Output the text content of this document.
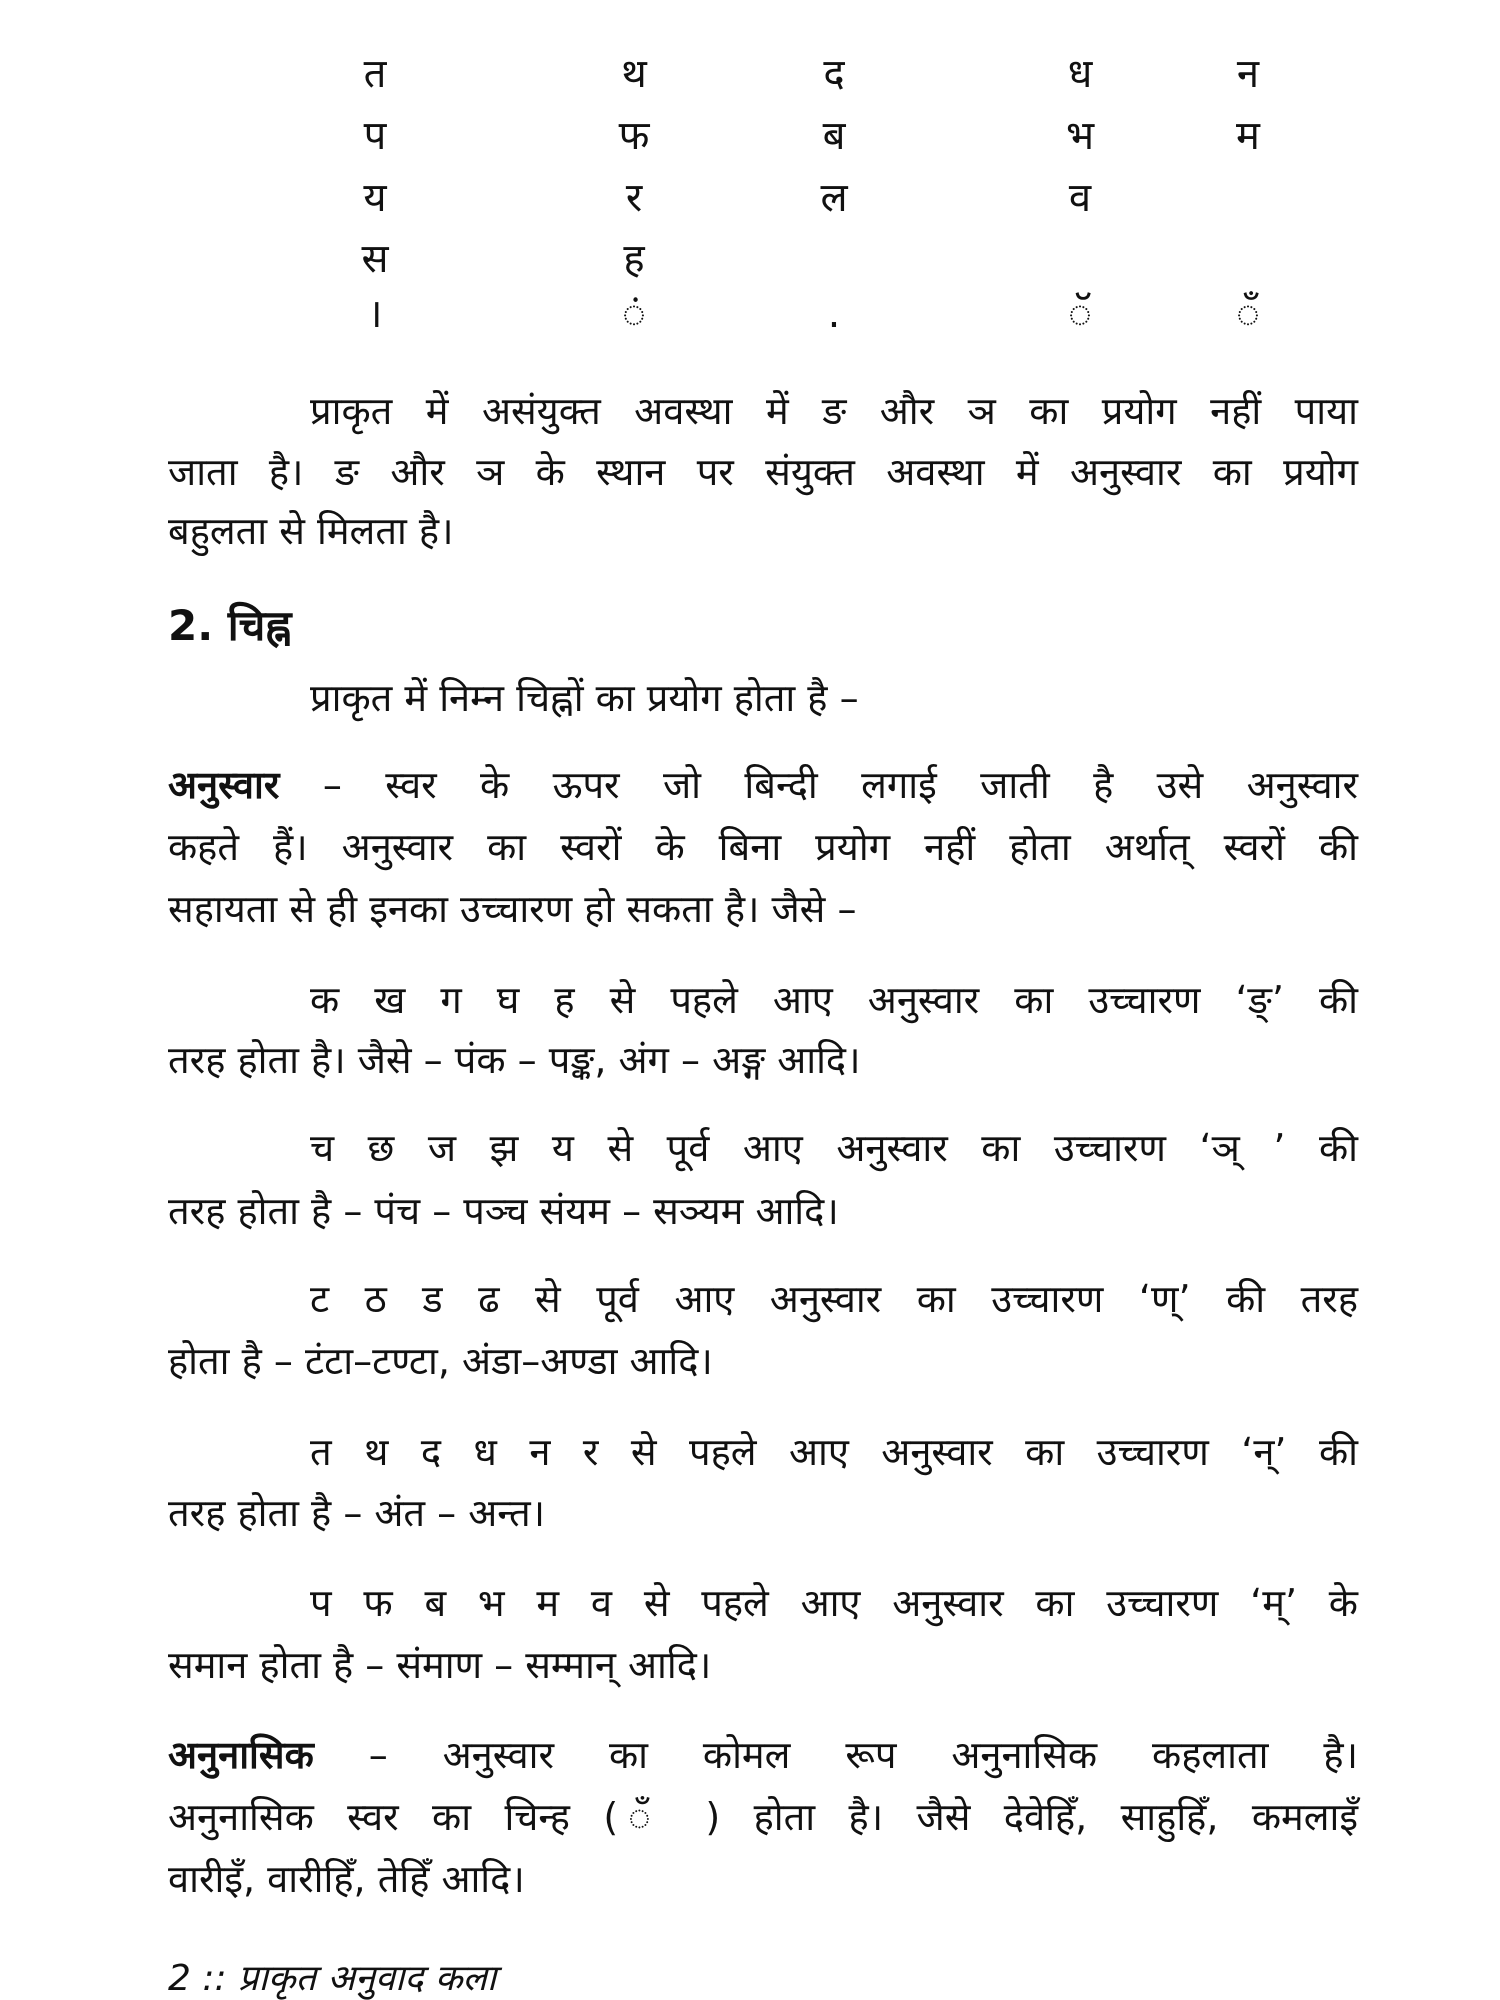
त
प
य
स
।
थ
फ
र
ह
ं
द
ब
ल
.
ध
भ
व
ॅ
न
म
ँ
प्राकृत में असंयुक्त अवस्था में ङ और ञ का प्रयोग नहीं पाया
जाता है। ङ और ञ के स्थान पर संयुक्त अवस्था में अनुस्वार का प्रयोग
बहुलता से मिलता है।
2. चिह्न
प्राकृत में निम्न चिह्नों का प्रयोग होता है –
अनुस्वार – स्वर के ऊपर जो बिन्दी लगाई जाती है उसे अनुस्वार
कहते हैं। अनुस्वार का स्वरों के बिना प्रयोग नहीं होता अर्थात् स्वरों की
सहायता से ही इनका उच्चारण हो सकता है। जैसे –
क ख ग घ ह से पहले आए अनुस्वार का उच्चारण ‘ङ्’ की
तरह होता है। जैसे – पंक – पङ्क, अंग – अङ्ग आदि।
च छ ज झ य से पूर्व आए अनुस्वार का उच्चारण ‘ञ् ’ की
तरह होता है – पंच – पञ्च संयम – सञ्यम आदि।
ट ठ ड ढ से पूर्व आए अनुस्वार का उच्चारण ‘ण्’ की तरह
होता है – टंटा–टण्टा, अंडा–अण्डा आदि।
त थ द ध न र से पहले आए अनुस्वार का उच्चारण ‘न्’ की
तरह होता है – अंत – अन्त।
प फ ब भ म व से पहले आए अनुस्वार का उच्चारण ‘म्’ के
समान होता है – संमाण – सम्मान् आदि।
अनुनासिक – अनुस्वार का कोमल रूप अनुनासिक कहलाता है।
अनुनासिक स्वर का चिन्ह ( ँ ) होता है। जैसे देवेहिँ, साहुहिँ, कमलाइँ
वारीइँ, वारीहिँ, तेहिँ आदि।
2 :: प्राकृत अनुवाद कला
